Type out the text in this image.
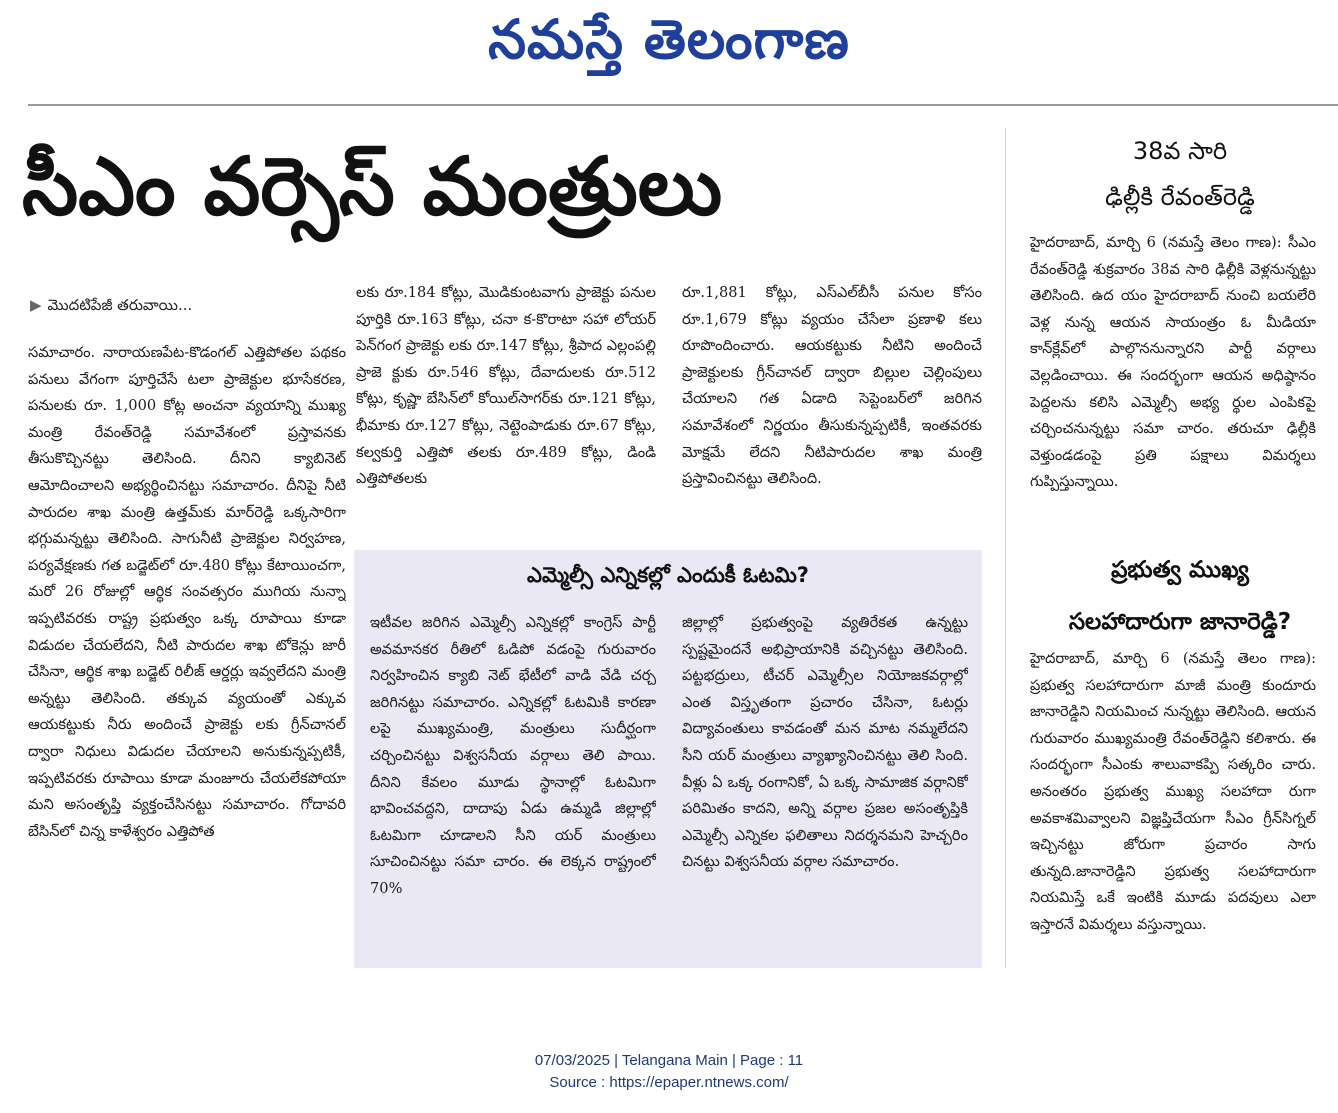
నమస్తే తెలంగాణ
సీఎం వర్సెస్ మంత్రులు
▶ మొదటిపేజీ తరువాయి...

సమాచారం. నారాయణపేట-కొడంగల్ ఎత్తిపోతల పథకం పనులు వేగంగా పూర్తిచేసే టలా ప్రాజెక్టుల భూసేకరణ, పనులకు రూ. 1,000 కోట్ల అంచనా వ్యయాన్ని ముఖ్య మంత్రి రేవంత్‌రెడ్డి సమావేశంలో ప్రస్తావనకు తీసుకొచ్చినట్టు తెలిసింది. దీనిని క్యాబినెట్ ఆమోదించాలని అభ్యర్థించినట్టు సమాచారం. దీనిపై నీటి పారుదల శాఖ మంత్రి ఉత్తమ్‌కు మార్‌రెడ్డి ఒక్కసారిగా భగ్గుమన్నట్టు తెలిసింది. సాగునీటి ప్రాజెక్టుల నిర్వహణ, పర్యవేక్షణకు గత బడ్జెట్‌లో రూ.480 కోట్లు కేటాయించగా, మరో 26 రోజుల్లో ఆర్థిక సంవత్సరం ముగియ నున్నా ఇప్పటివరకు రాష్ట్ర ప్రభుత్వం ఒక్క రూపాయి కూడా విడుదల చేయలేదని, నీటి పారుదల శాఖ టోకెన్లు జారీ చేసినా, ఆర్థిక శాఖ బడ్జెట్ రిలీజ్ ఆర్డర్లు ఇవ్వలేదని మంత్రి అన్నట్టు తెలిసింది. తక్కువ వ్యయంతో ఎక్కువ ఆయకట్టుకు నీరు అందించే ప్రాజెక్టు లకు గ్రీన్‌చానల్ ద్వారా నిధులు విడుదల చేయాలని అనుకున్నప్పటికీ, ఇప్పటివరకు రూపాయి కూడా మంజూరు చేయలేకపోయా మని అసంతృప్తి వ్యక్తంచేసినట్టు సమాచారం. గోదావరి బేసిన్‌లో చిన్న కాళేశ్వరం ఎత్తిపోత

లకు రూ.184 కోట్లు, మొడికుంటవాగు ప్రాజెక్టు పనుల పూర్తికి రూ.163 కోట్లు, చనా క-కొరాటా సహా లోయర్ పెన్‌గంగ ప్రాజెక్టు లకు రూ.147 కోట్లు, శ్రీపాద ఎల్లంపల్లి ప్రాజె క్టుకు రూ.546 కోట్లు, దేవాదులకు రూ.512 కోట్లు, కృష్ణా బేసిన్‌లో కోయిల్‌సాగర్‌కు రూ.121 కోట్లు, భీమాకు రూ.127 కోట్లు, నెట్టెంపాడుకు రూ.67 కోట్లు, కల్వకుర్తి ఎత్తిపో తలకు రూ.489 కోట్లు, డిండి ఎత్తిపోతలకు

రూ.1,881 కోట్లు, ఎస్ఎల్‌బీసీ పనుల కోసం రూ.1,679 కోట్లు వ్యయం చేసేలా ప్రణాళి కలు రూపొందించారు. ఆయకట్టుకు నీటిని అందించే ప్రాజెక్టులకు గ్రీన్‌చానల్ ద్వారా బిల్లుల చెల్లింపులు చేయాలని గత ఏడాది సెప్టెంబర్‌లో జరిగిన సమావేశంలో నిర్ణయం తీసుకున్నప్పటికీ, ఇంతవరకు మోక్షమే లేదని నీటిపారుదల శాఖ మంత్రి ప్రస్తావించినట్టు తెలిసింది.

ఎమ్మెల్సీ ఎన్నికల్లో ఎందుకీ ఓటమి?

ఇటీవల జరిగిన ఎమ్మెల్సీ ఎన్నికల్లో కాంగ్రెస్ పార్టీ అవమానకర రీతిలో ఓడిపో వడంపై గురువారం నిర్వహించిన క్యాబి నెట్ భేటీలో వాడి వేడి చర్చ జరిగినట్టు సమాచారం. ఎన్నికల్లో ఓటమికి కారణా లపై ముఖ్యమంత్రి, మంత్రులు సుదీర్ఘంగా చర్చించినట్టు విశ్వసనీయ వర్గాలు తెలి పాయి. దీనిని కేవలం మూడు స్థానాల్లో ఓటమిగా భావించవద్దని, దాదాపు ఏడు ఉమ్మడి జిల్లాల్లో ఓటమిగా చూడాలని సీని యర్ మంత్రులు సూచించినట్టు సమా చారం. ఈ లెక్కన రాష్ట్రంలో 70%

జిల్లాల్లో ప్రభుత్వంపై వ్యతిరేకత ఉన్నట్టు స్పష్టమైందనే అభిప్రాయానికి వచ్చినట్టు తెలిసింది. పట్టభద్రులు, టీచర్ ఎమ్మెల్సీల నియోజకవర్గాల్లో ఎంత విస్తృతంగా ప్రచారం చేసినా, ఓటర్లు విద్యావంతులు కావడంతో మన మాట నమ్మలేదని సీని యర్ మంత్రులు వ్యాఖ్యానించినట్టు తెలి సింది. వీళ్లు ఏ ఒక్క రంగానికో, ఏ ఒక్క సామాజిక వర్గానికో పరిమితం కాదని, అన్ని వర్గాల ప్రజల అసంతృప్తికి ఎమ్మెల్సీ ఎన్నికల ఫలితాలు నిదర్శనమని హెచ్చరిం చినట్టు విశ్వసనీయ వర్గాల సమాచారం.

38వ సారి
ఢిల్లీకి రేవంత్‌రెడ్డి

హైదరాబాద్, మార్చి 6 (నమస్తే తెలం గాణ): సీఎం రేవంత్‌రెడ్డి శుక్రవారం 38వ సారి ఢిల్లీకి వెళ్లనున్నట్టు తెలిసింది. ఉద యం హైదరాబాద్ నుంచి బయలేరి వెళ్ల నున్న ఆయన సాయంత్రం ఓ మీడియా కాన్‌క్లేవ్‌లో పాల్గొననున్నారని పార్టీ వర్గాలు వెల్లడించాయి. ఈ సందర్భంగా ఆయన అధిష్ఠానం పెద్దలను కలిసి ఎమ్మెల్సీ అభ్య ర్థుల ఎంపికపై చర్చించనున్నట్టు సమా చారం. తరుచూ ఢిల్లీకి వెళ్తుండడంపై ప్రతి పక్షాలు విమర్శలు గుప్పిస్తున్నాయి.

ప్రభుత్వ ముఖ్య
సలహాదారుగా జానారెడ్డి?

హైదరాబాద్, మార్చి 6 (నమస్తే తెలం గాణ): ప్రభుత్వ సలహాదారుగా మాజీ మంత్రి కుందూరు జానారెడ్డిని నియమించ నున్నట్టు తెలిసింది. ఆయన గురువారం ముఖ్యమంత్రి రేవంత్‌రెడ్డిని కలిశారు. ఈ సందర్భంగా సీఎంకు శాలువాకప్పి సత్కరిం చారు. అనంతరం ప్రభుత్వ ముఖ్య సలహాదా రుగా అవకాశమివ్వాలని విజ్ఞప్తిచేయగా సీఎం గ్రీన్‌సిగ్నల్ ఇచ్చినట్టు జోరుగా ప్రచారం సాగు తున్నది.జానారెడ్డిని ప్రభుత్వ సలహాదారుగా నియమిస్తే ఒకే ఇంటికి మూడు పదవులు ఎలా ఇస్తారనే విమర్శలు వస్తున్నాయి.

07/03/2025 | Telangana Main | Page : 11
Source : https://epaper.ntnews.com/
